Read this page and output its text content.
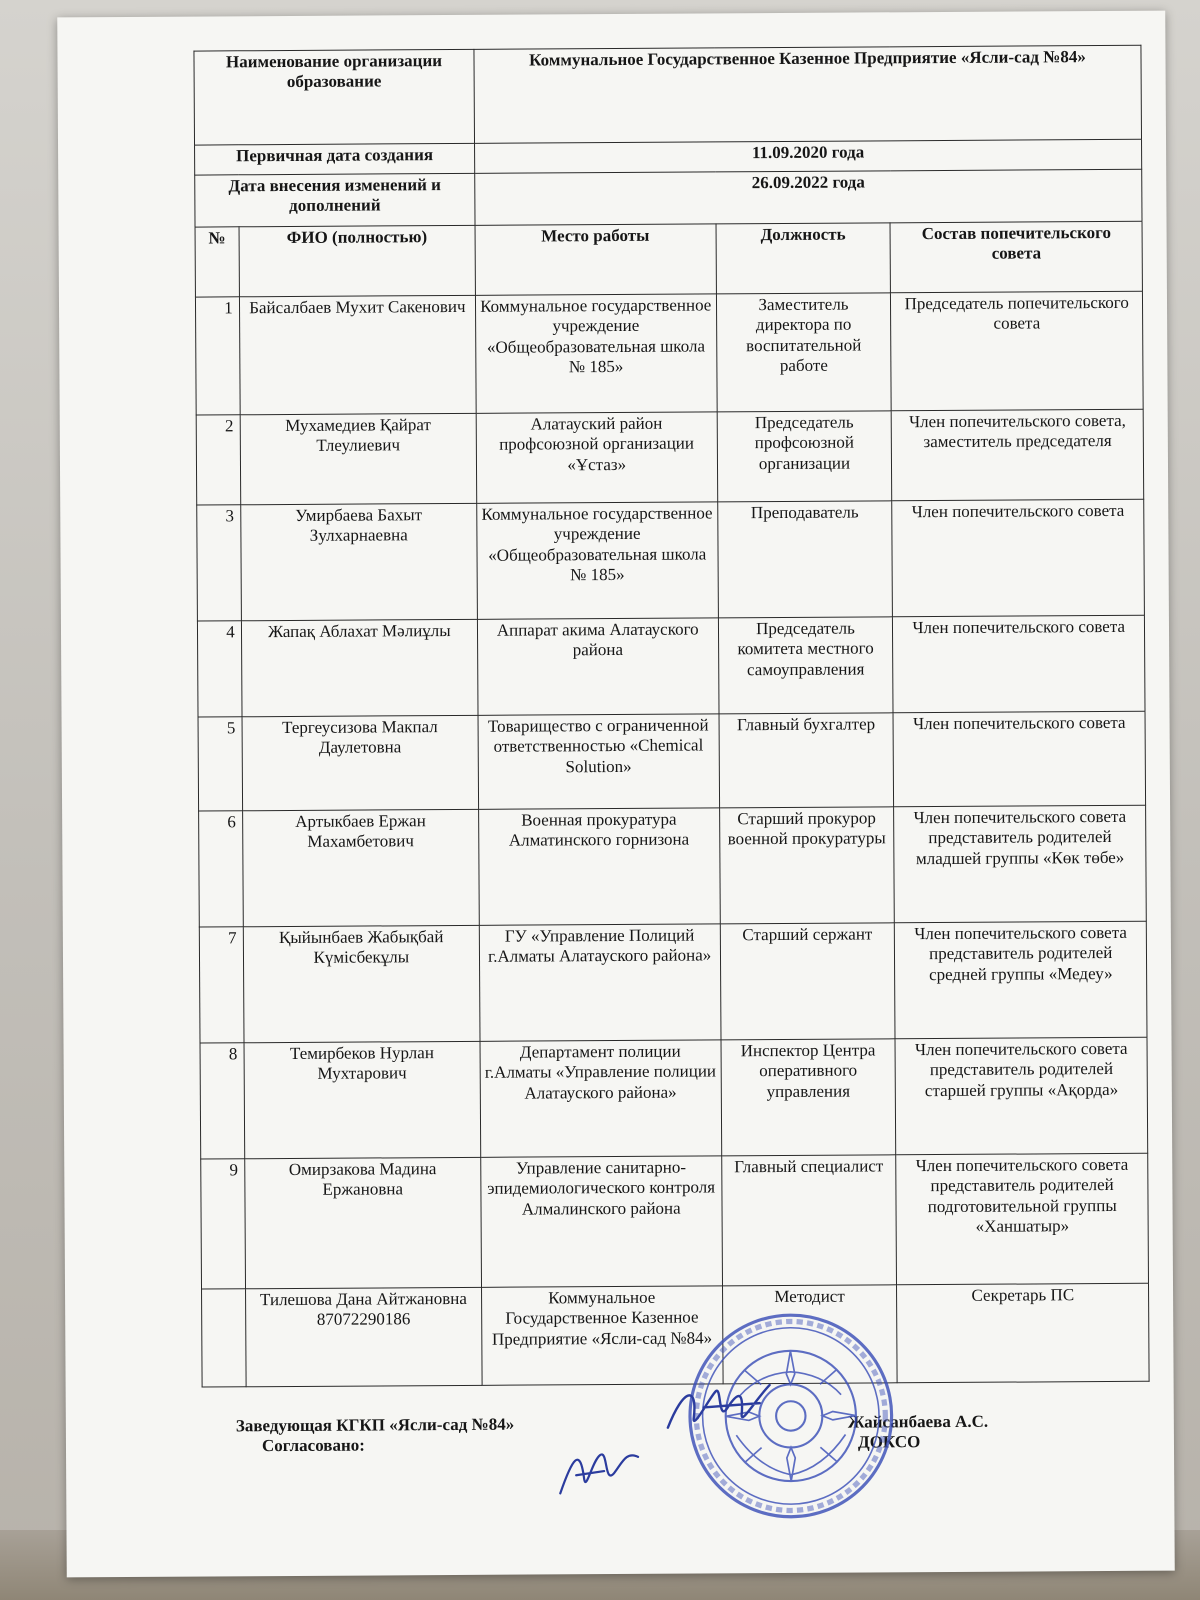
Наименование организации образование		Коммунальное Государственное Казенное Предприятие «Ясли-сад №84»		
Первичная дата создания		11.09.2020 года		
Дата внесения изменений и дополнений		26.09.2022 года		
№	ФИО (полностью)	Место работы	Должность	Состав попечительского совета
1	Байсалбаев Мухит Сакенович	Коммунальное государственное учреждение «Общеобразовательная школа № 185»	Заместитель директора по воспитательной работе	Председатель попечительского совета
2	Мухамедиев Қайрат Тлеулиевич	Алатауский район профсоюзной организации «Ұстаз»	Председатель профсоюзной организации	Член попечительского совета, заместитель председателя
3	Умирбаева Бахыт Зулхарнаевна	Коммунальное государственное учреждение «Общеобразовательная школа № 185»	Преподаватель	Член попечительского совета
4	Жапақ Аблахат Мәлиұлы	Аппарат акима Алатауского района	Председатель комитета местного самоуправления	Член попечительского совета
5	Тергеусизова Макпал Даулетовна	Товарищество с ограниченной ответственностью «Chemical Solution»	Главный бухгалтер	Член попечительского совета
6	Артыкбаев Ержан Махамбетович	Военная прокуратура Алматинского горнизона	Старший прокурор военной прокуратуры	Член попечительского совета представитель родителей младшей группы «Көк төбе»
7	Қыйынбаев Жабықбай Күмісбекұлы	ГУ «Управление Полиций г.Алматы Алатауского района»	Старший сержант	Член попечительского совета представитель родителей средней группы «Медеу»
8	Темирбеков Нурлан Мухтарович	Департамент полиции г.Алматы «Управление полиции Алатауского района»	Инспектор Центра оперативного управления	Член попечительского совета представитель родителей старшей группы «Ақорда»
9	Омирзакова Мадина Ержановна	Управление санитарно-эпидемиологического контроля Алмалинского района	Главный специалист	Член попечительского совета представитель родителей подготовительной группы «Ханшатыр»
	Тилешова Дана Айтжановна 87072290186	Коммунальное Государственное Казенное Предприятие «Ясли-сад №84»	Методист	Секретарь ПС
Заведующая КГКП «Ясли-сад №84»
Согласовано:
Жайсанбаева А.С.
ДОКСО
